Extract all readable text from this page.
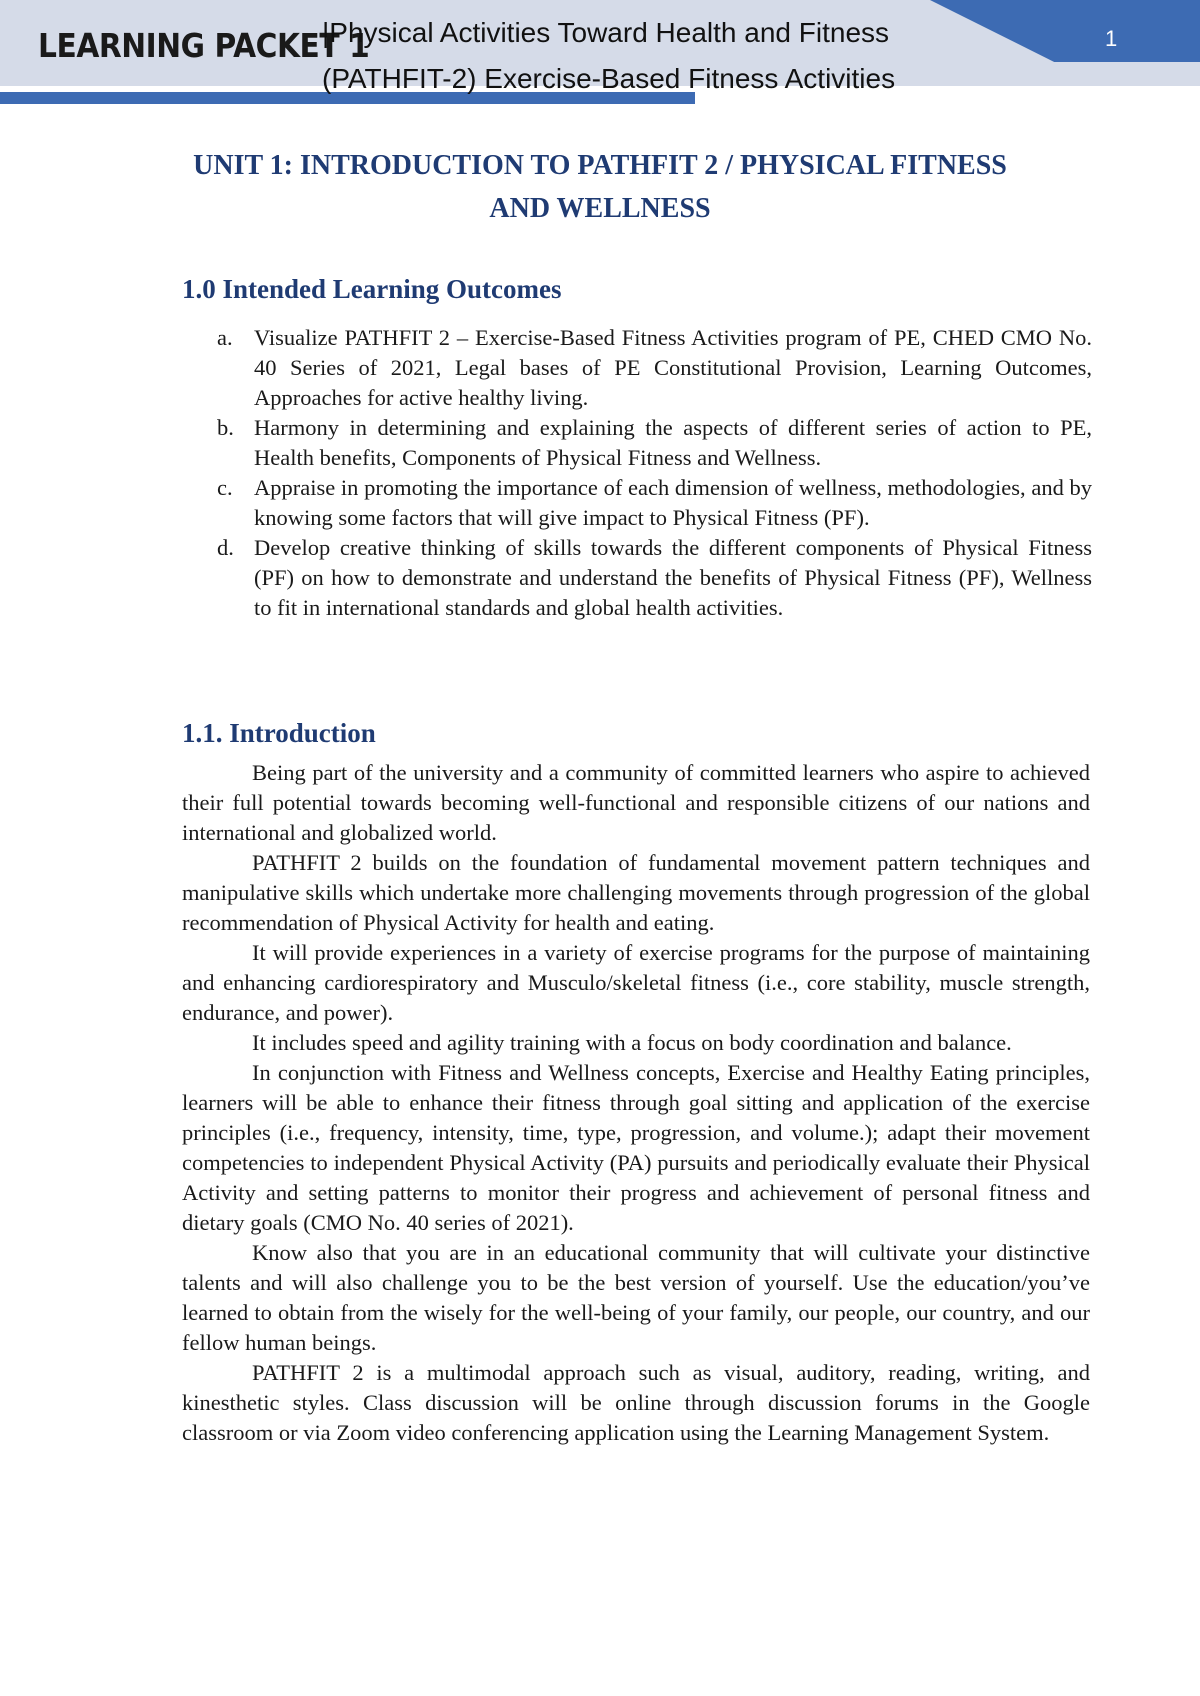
LEARNING PACKET 1
|Physical Activities Toward Health and Fitness
(PATHFIT-2) Exercise-Based Fitness Activities
1
UNIT 1: INTRODUCTION TO PATHFIT 2 / PHYSICAL FITNESS
AND WELLNESS
1.0 Intended Learning Outcomes
a. Visualize PATHFIT 2 – Exercise-Based Fitness Activities program of PE, CHED CMO No. 40 Series of 2021, Legal bases of PE Constitutional Provision, Learning Outcomes, Approaches for active healthy living.
b. Harmony in determining and explaining the aspects of different series of action to PE, Health benefits, Components of Physical Fitness and Wellness.
c. Appraise in promoting the importance of each dimension of wellness, methodologies, and by knowing some factors that will give impact to Physical Fitness (PF).
d. Develop creative thinking of skills towards the different components of Physical Fitness (PF) on how to demonstrate and understand the benefits of Physical Fitness (PF), Wellness to fit in international standards and global health activities.
1.1. Introduction

Being part of the university and a community of committed learners who aspire to achieved their full potential towards becoming well-functional and responsible citizens of our nations and international and globalized world.

PATHFIT 2 builds on the foundation of fundamental movement pattern techniques and manipulative skills which undertake more challenging movements through progression of the global recommendation of Physical Activity for health and eating.

It will provide experiences in a variety of exercise programs for the purpose of maintaining and enhancing cardiorespiratory and Musculo/skeletal fitness (i.e., core stability, muscle strength, endurance, and power).

It includes speed and agility training with a focus on body coordination and balance.

In conjunction with Fitness and Wellness concepts, Exercise and Healthy Eating principles, learners will be able to enhance their fitness through goal sitting and application of the exercise principles (i.e., frequency, intensity, time, type, progression, and volume.); adapt their movement competencies to independent Physical Activity (PA) pursuits and periodically evaluate their Physical Activity and setting patterns to monitor their progress and achievement of personal fitness and dietary goals (CMO No. 40 series of 2021).

Know also that you are in an educational community that will cultivate your distinctive talents and will also challenge you to be the best version of yourself. Use the education/you’ve learned to obtain from the wisely for the well-being of your family, our people, our country, and our fellow human beings.

PATHFIT 2 is a multimodal approach such as visual, auditory, reading, writing, and kinesthetic styles. Class discussion will be online through discussion forums in the Google classroom or via Zoom video conferencing application using the Learning Management System.
